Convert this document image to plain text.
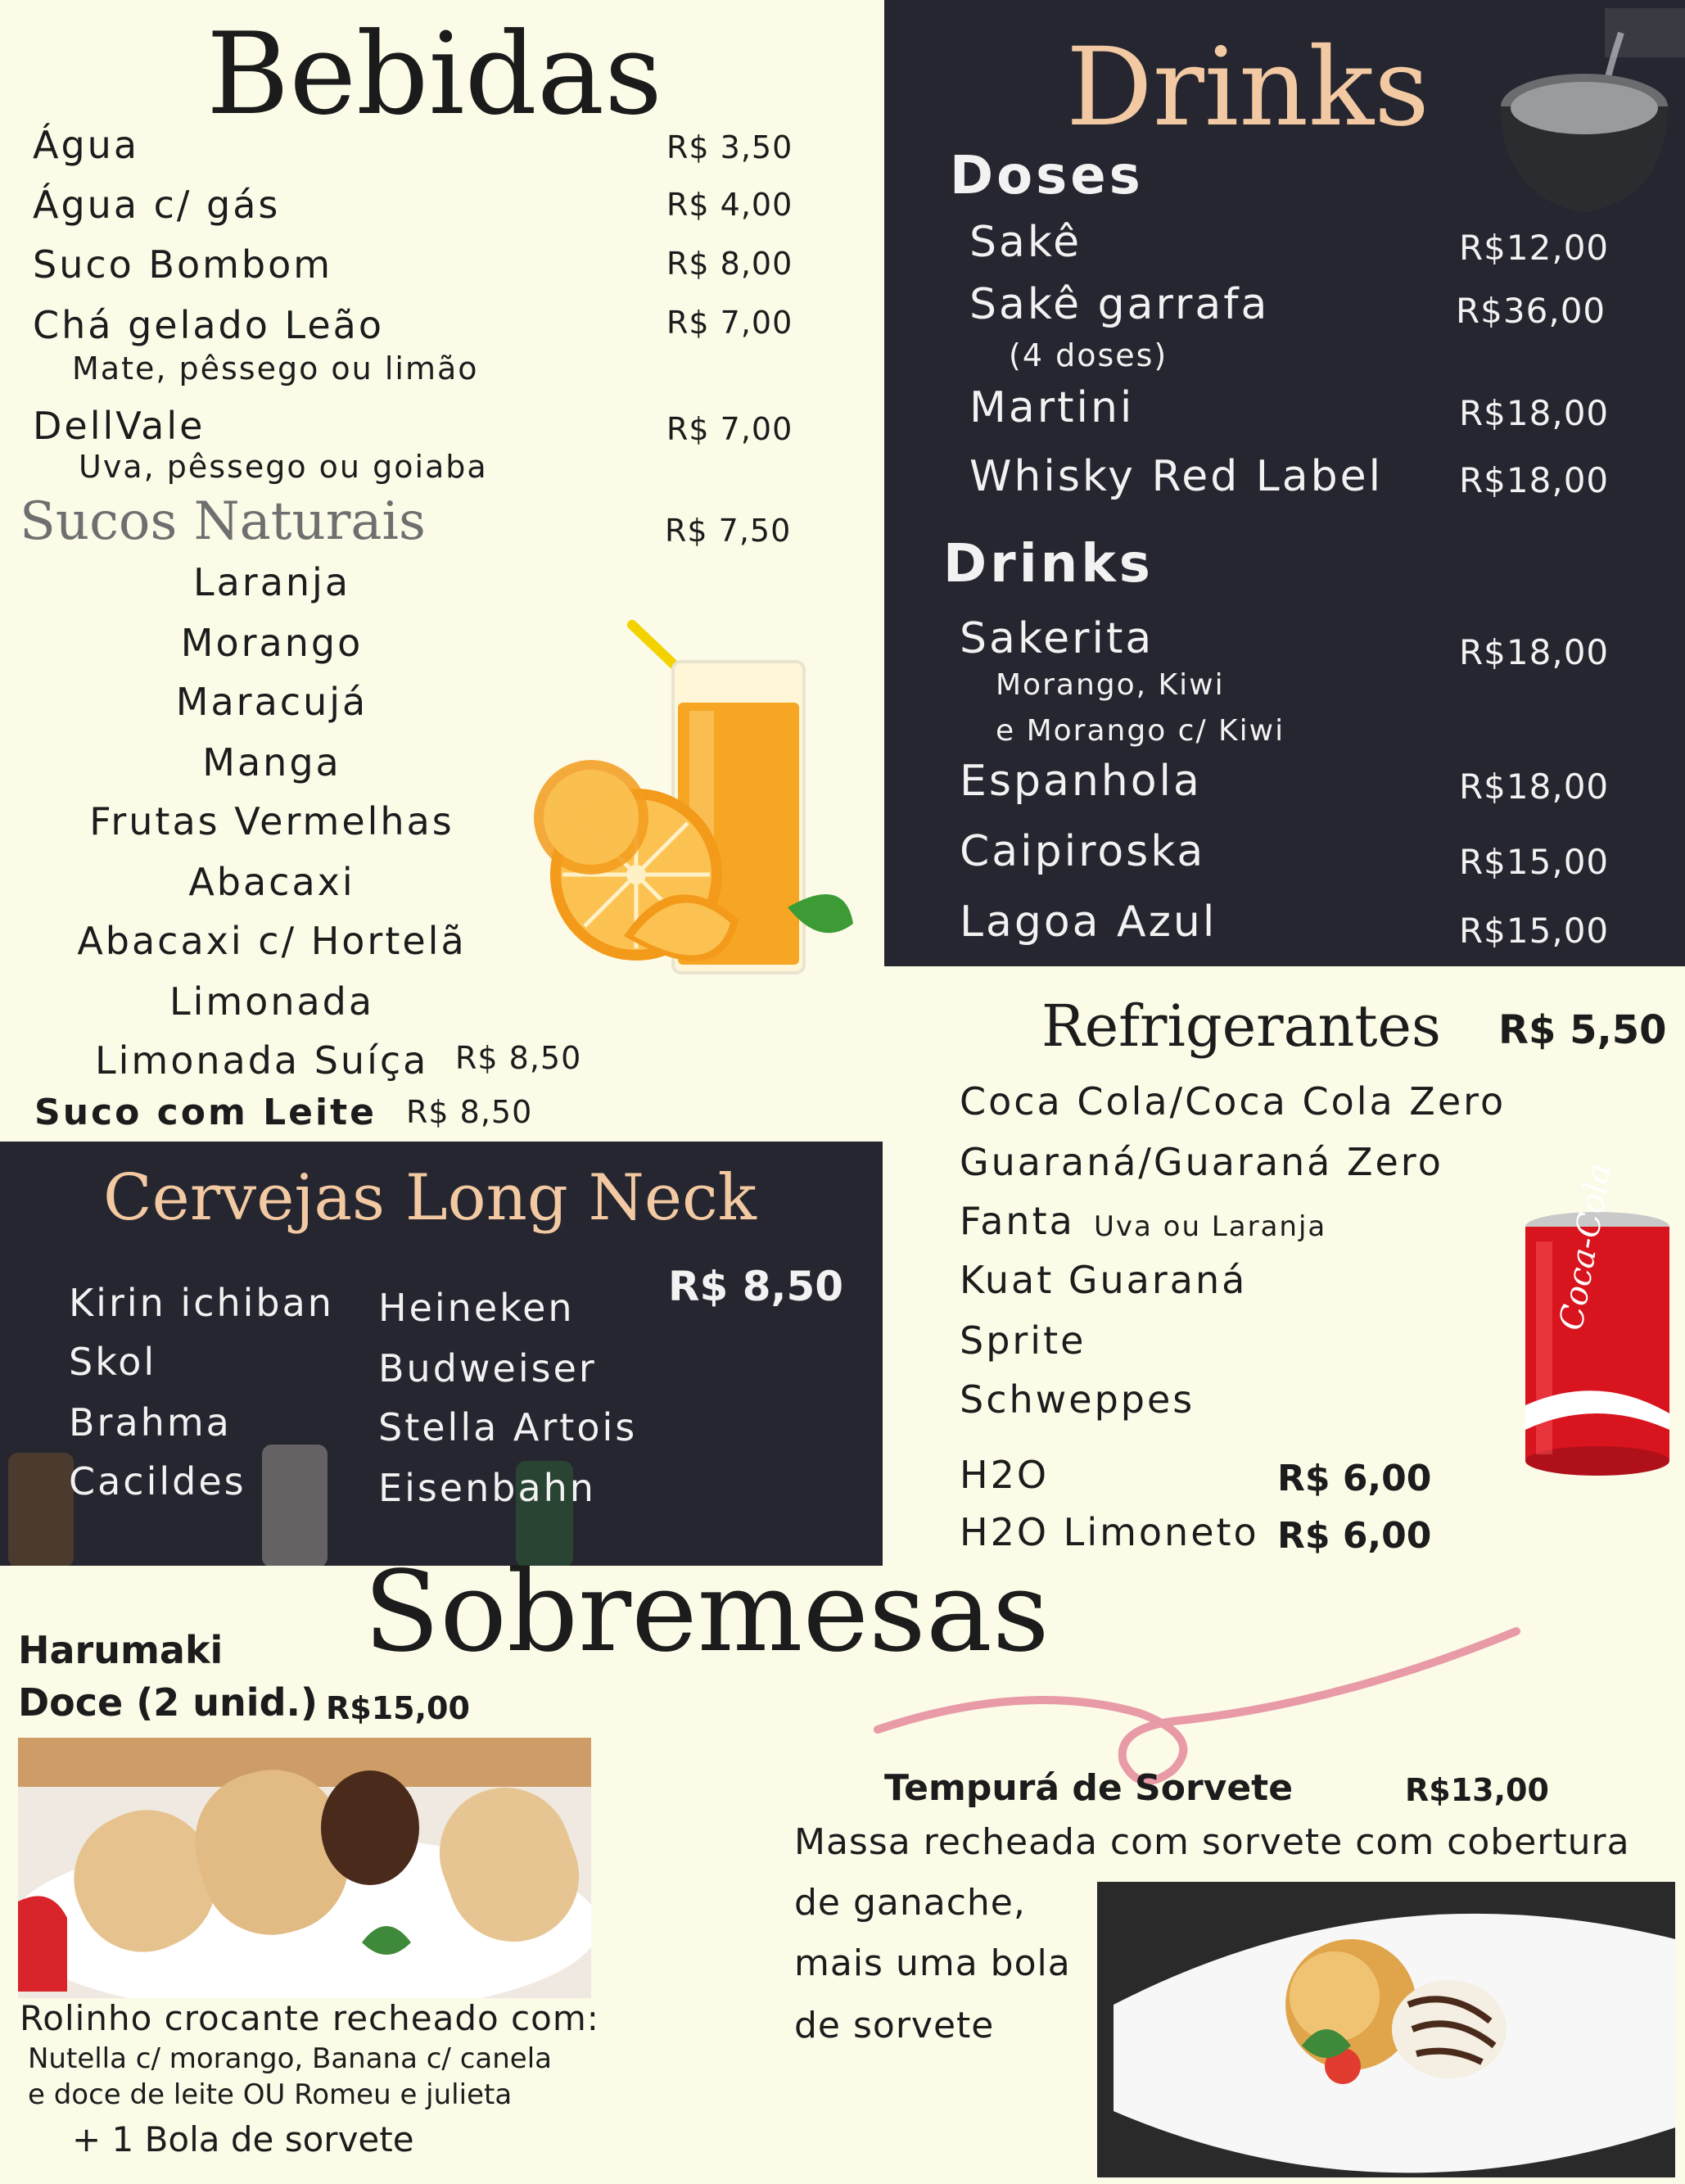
Bebidas
Água	R$ 3,50
Água c/ gás	R$ 4,00
Suco Bombom	R$ 8,00
Chá gelado Leão	R$ 7,00
Mate, pêssego ou limão
DellVale	R$ 7,00
Uva, pêssego ou goiaba
Sucos Naturais	R$ 7,50
Laranja
Morango
Maracujá
Manga
Frutas Vermelhas
Abacaxi
Abacaxi c/ Hortelã
Limonada
Limonada Suíça R$ 8,50
Suco com Leite R$ 8,50
Drinks
Doses
Sakê	R$12,00
Sakê garrafa	R$36,00
(4 doses)
Martini	R$18,00
Whisky Red Label R$18,00
Drinks
Sakerita	R$18,00
Morango, Kiwi
e Morango c/ Kiwi
Espanhola	R$18,00
Caipiroska	R$15,00
Lagoa Azul	R$15,00
Cervejas Long Neck
R$ 8,50
Kirin ichiban
Skol
Brahma
Cacildes
Heineken
Budweiser
Stella Artois
Eisenbahn
Refrigerantes R$ 5,50
Coca Cola/Coca Cola Zero
Guaraná/Guaraná Zero
Fanta Uva ou Laranja
Kuat Guaraná
Sprite
Schweppes
H2O	R$ 6,00
H2O Limoneto R$ 6,00
Coca-Cola
Sobremesas
Harumaki
Doce (2 unid.) R$15,00
Rolinho crocante recheado com:
Nutella c/ morango, Banana c/ canela
e doce de leite OU Romeu e julieta
+ 1 Bola de sorvete
Tempurá de Sorvete	R$13,00
Massa recheada com sorvete com cobertura
de ganache,
mais uma bola
de sorvete
